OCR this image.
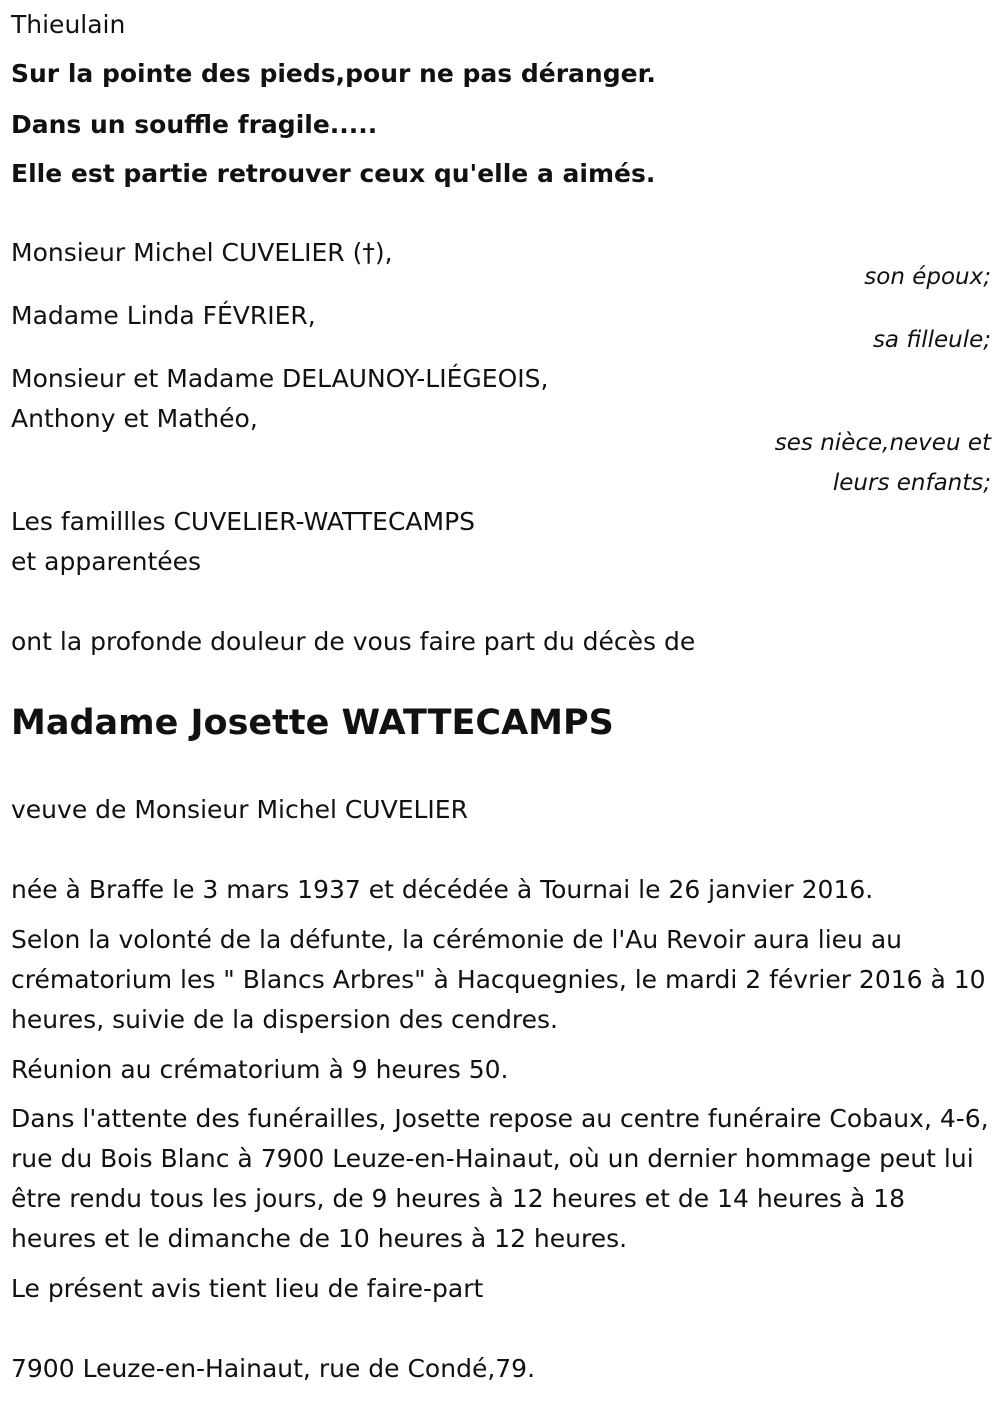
Thieulain

Sur la pointe des pieds,pour ne pas déranger.

Dans un souffle fragile.....

Elle est partie retrouver ceux qu'elle a aimés.

Monsieur Michel CUVELIER (†),

son époux;

Madame Linda FÉVRIER,

sa filleule;

Monsieur et Madame DELAUNOY-LIÉGEOIS,

Anthony et Mathéo,

ses nièce,neveu et

leurs enfants;

Les famillles CUVELIER-WATTECAMPS

et apparentées

ont la profonde douleur de vous faire part du décès de

Madame Josette WATTECAMPS

veuve de Monsieur Michel CUVELIER

née à Braffe le 3 mars 1937 et décédée à Tournai le 26 janvier 2016.

Selon la volonté de la défunte, la cérémonie de l'Au Revoir aura lieu au crématorium les " Blancs Arbres" à Hacquegnies, le mardi 2 février 2016 à 10 heures, suivie de la dispersion des cendres.

Réunion au crématorium à 9 heures 50.

Dans l'attente des funérailles, Josette repose au centre funéraire Cobaux, 4-6, rue du Bois Blanc à 7900 Leuze-en-Hainaut, où un dernier hommage peut lui être rendu tous les jours, de 9 heures à 12 heures et de 14 heures à 18 heures et le dimanche de 10 heures à 12 heures.

Le présent avis tient lieu de faire-part

7900 Leuze-en-Hainaut, rue de Condé,79.
